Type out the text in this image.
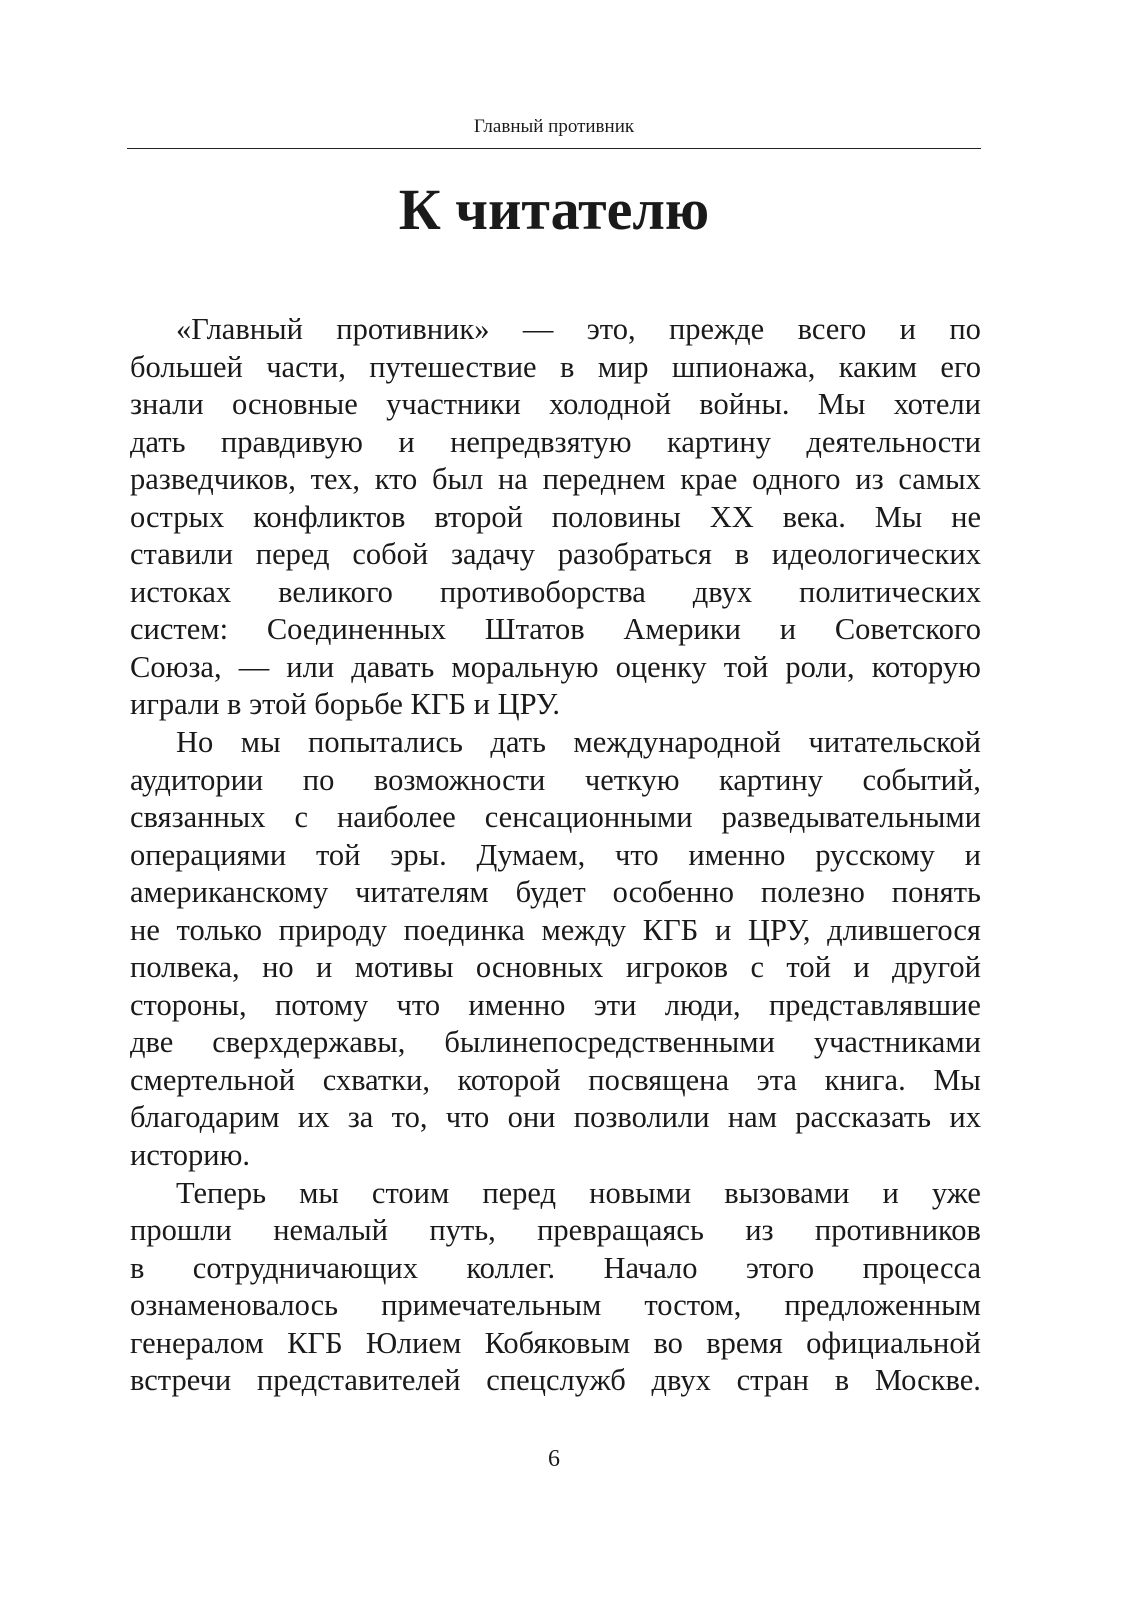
Главный противник
К читателю
«Главный противник» — это, прежде всего и по
большей части, путешествие в мир шпионажа, каким его
знали основные участники холодной войны. Мы хотели
дать правдивую и непредвзятую картину деятельности
разведчиков, тех, кто был на переднем крае одного из самых
острых конфликтов второй половины XX века. Мы не
ставили перед собой задачу разобраться в идеологических
истоках великого противоборства двух политических
систем: Соединенных Штатов Америки и Советского
Союза, — или давать моральную оценку той роли, которую
играли в этой борьбе КГБ и ЦРУ.
Но мы попытались дать международной читательской
аудитории по возможности четкую картину событий,
связанных с наиболее сенсационными разведывательными
операциями той эры. Думаем, что именно русскому и
американскому читателям будет особенно полезно понять
не только природу поединка между КГБ и ЦРУ, длившегося
полвека, но и мотивы основных игроков с той и другой
стороны, потому что именно эти люди, представлявшие
две сверхдержавы, былинепосредственными участниками
смертельной схватки, которой посвящена эта книга. Мы
благодарим их за то, что они позволили нам рассказать их
историю.
Теперь мы стоим перед новыми вызовами и уже
прошли немалый путь, превращаясь из противников
в сотрудничающих коллег. Начало этого процесса
ознаменовалось примечательным тостом, предложенным
генералом КГБ Юлием Кобяковым во время официальной
встречи представителей спецслужб двух стран в Москве.
6
